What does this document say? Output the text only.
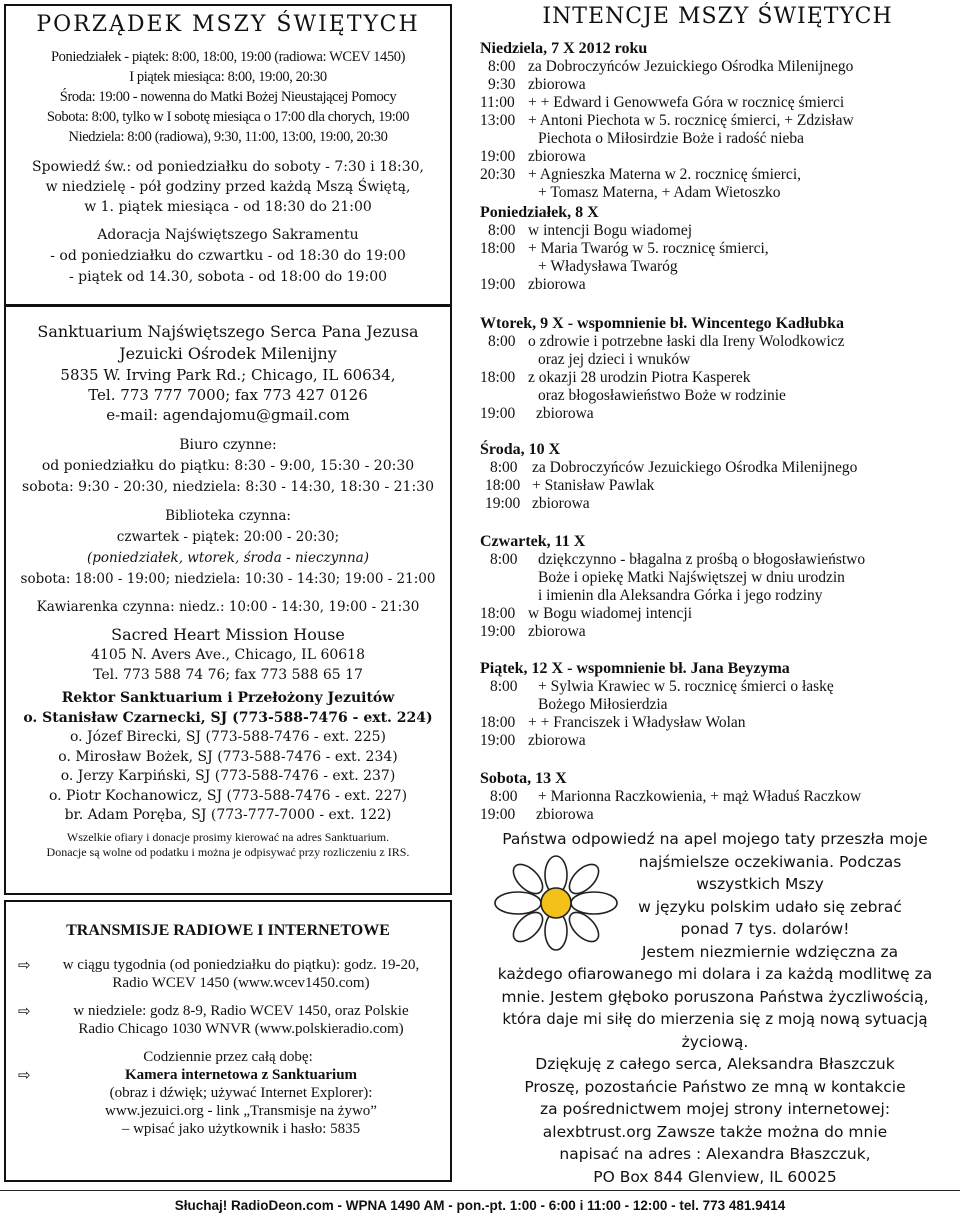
PORZĄDEK MSZY ŚWIĘTYCH
Poniedziałek - piątek: 8:00, 18:00, 19:00 (radiowa: WCEV 1450)
I piątek miesiąca: 8:00, 19:00, 20:30
Środa: 19:00 - nowenna do Matki Bożej Nieustającej Pomocy
Sobota: 8:00, tylko w I sobotę miesiąca o 17:00 dla chorych, 19:00
Niedziela: 8:00 (radiowa), 9:30, 11:00, 13:00, 19:00, 20:30
Spowiedź św.: od poniedziałku do soboty - 7:30 i 18:30,
w niedzielę - pół godziny przed każdą Mszą Świętą,
w 1. piątek miesiąca - od 18:30 do 21:00
Adoracja Najświętszego Sakramentu
- od poniedziałku do czwartku - od 18:30 do 19:00
- piątek od 14.30, sobota - od 18:00 do 19:00
Sanktuarium Najświętszego Serca Pana Jezusa
Jezuicki Ośrodek Milenijny
5835 W. Irving Park Rd.; Chicago, IL 60634,
Tel. 773 777 7000; fax 773 427 0126
e-mail: agendajomu@gmail.com
Biuro czynne:
od poniedziałku do piątku: 8:30 - 9:00, 15:30 - 20:30
sobota: 9:30 - 20:30, niedziela: 8:30 - 14:30, 18:30 - 21:30
Biblioteka czynna:
czwartek - piątek: 20:00 - 20:30;
(poniedziałek, wtorek, środa - nieczynna)
sobota: 18:00 - 19:00; niedziela: 10:30 - 14:30; 19:00 - 21:00
Kawiarenka czynna: niedz.: 10:00 - 14:30, 19:00 - 21:30
Sacred Heart Mission House
4105 N. Avers Ave., Chicago, IL 60618
Tel. 773 588 74 76; fax 773 588 65 17
Rektor Sanktuarium i Przełożony Jezuitów
o. Stanisław Czarnecki, SJ (773-588-7476 - ext. 224)
o. Józef Birecki, SJ (773-588-7476 - ext. 225)
o. Mirosław Bożek, SJ (773-588-7476 - ext. 234)
o. Jerzy Karpiński, SJ (773-588-7476 - ext. 237)
o. Piotr Kochanowicz, SJ (773-588-7476 - ext. 227)
br. Adam Poręba, SJ (773-777-7000 - ext. 122)
Wszelkie ofiary i donacje prosimy kierować na adres Sanktuarium.
Donacje są wolne od podatku i można je odpisywać przy rozliczeniu z IRS.
TRANSMISJE RADIOWE I INTERNETOWE
⇨	w ciągu tygodnia (od poniedziałku do piątku): godz. 19-20,
Radio WCEV 1450 (www.wcev1450.com)
⇨	w niedziele: godz 8-9, Radio WCEV 1450, oraz Polskie
Radio Chicago 1030 WNVR (www.polskieradio.com)
Codziennie przez całą dobę:
⇨	Kamera internetowa z Sanktuarium
(obraz i dźwięk; używać Internet Explorer):
www.jezuici.org - link „Transmisje na żywo”
– wpisać jako użytkownik i hasło: 5835
INTENCJE MSZY ŚWIĘTYCH
Niedziela, 7 X 2012 roku
8:00 za Dobroczyńców Jezuickiego Ośrodka Milenijnego
9:30 zbiorowa
11:00 + + Edward i Genowwefa Góra w rocznicę śmierci
13:00 + Antoni Piechota w 5. rocznicę śmierci, + Zdzisław
Piechota o Miłosirdzie Boże i radość nieba
19:00 zbiorowa
20:30 + Agnieszka Materna w 2. rocznicę śmierci,
+ Tomasz Materna, + Adam Wietoszko
Poniedziałek, 8 X
8:00 w intencji Bogu wiadomej
18:00 + Maria Twaróg w 5. rocznicę śmierci,
+ Władysława Twaróg
19:00 zbiorowa
Wtorek, 9 X - wspomnienie bł. Wincentego Kadłubka
8:00 o zdrowie i potrzebne łaski dla Ireny Wolodkowicz
oraz jej dzieci i wnuków
18:00 z okazji 28 urodzin Piotra Kasperek
oraz błogosławieństwo Boże w rodzinie
19:00	zbiorowa
Środa, 10 X
8:00 za Dobroczyńców Jezuickiego Ośrodka Milenijnego
18:00 + Stanisław Pawlak
19:00 zbiorowa
Czwartek, 11 X
8:00	dziękczynno - błagalna z prośbą o błogosławieństwo
Boże i opiekę Matki Najświętszej w dniu urodzin
i imienin dla Aleksandra Górka i jego rodziny
18:00 w Bogu wiadomej intencji
19:00 zbiorowa
Piątek, 12 X - wspomnienie bł. Jana Beyzyma
8:00	+ Sylwia Krawiec w 5. rocznicę śmierci o łaskę
Bożego Miłosierdzia
18:00 + + Franciszek i Władysław Wolan
19:00 zbiorowa
Sobota, 13 X
8:00	+ Marionna Raczkowienia, + mąż Właduś Raczkow
19:00	zbiorowa
Państwa odpowiedź na apel mojego taty przeszła moje
najśmielsze oczekiwania. Podczas
wszystkich Mszy
w języku polskim udało się zebrać
ponad 7 tys. dolarów!
Jestem niezmiernie wdzięczna za
każdego ofiarowanego mi dolara i za każdą modlitwę za
mnie. Jestem głęboko poruszona Państwa życzliwością,
która daje mi siłę do mierzenia się z moją nową sytuacją
życiową.
Dziękuję z całego serca, Aleksandra Błaszczuk
Proszę, pozostańcie Państwo ze mną w kontakcie
za pośrednictwem mojej strony internetowej:
alexbtrust.org Zawsze także można do mnie
napisać na adres : Alexandra Błaszczuk,
PO Box 844 Glenview, IL 60025
Słuchaj! RadioDeon.com - WPNA 1490 AM - pon.-pt. 1:00 - 6:00 i 11:00 - 12:00 - tel. 773 481.9414
